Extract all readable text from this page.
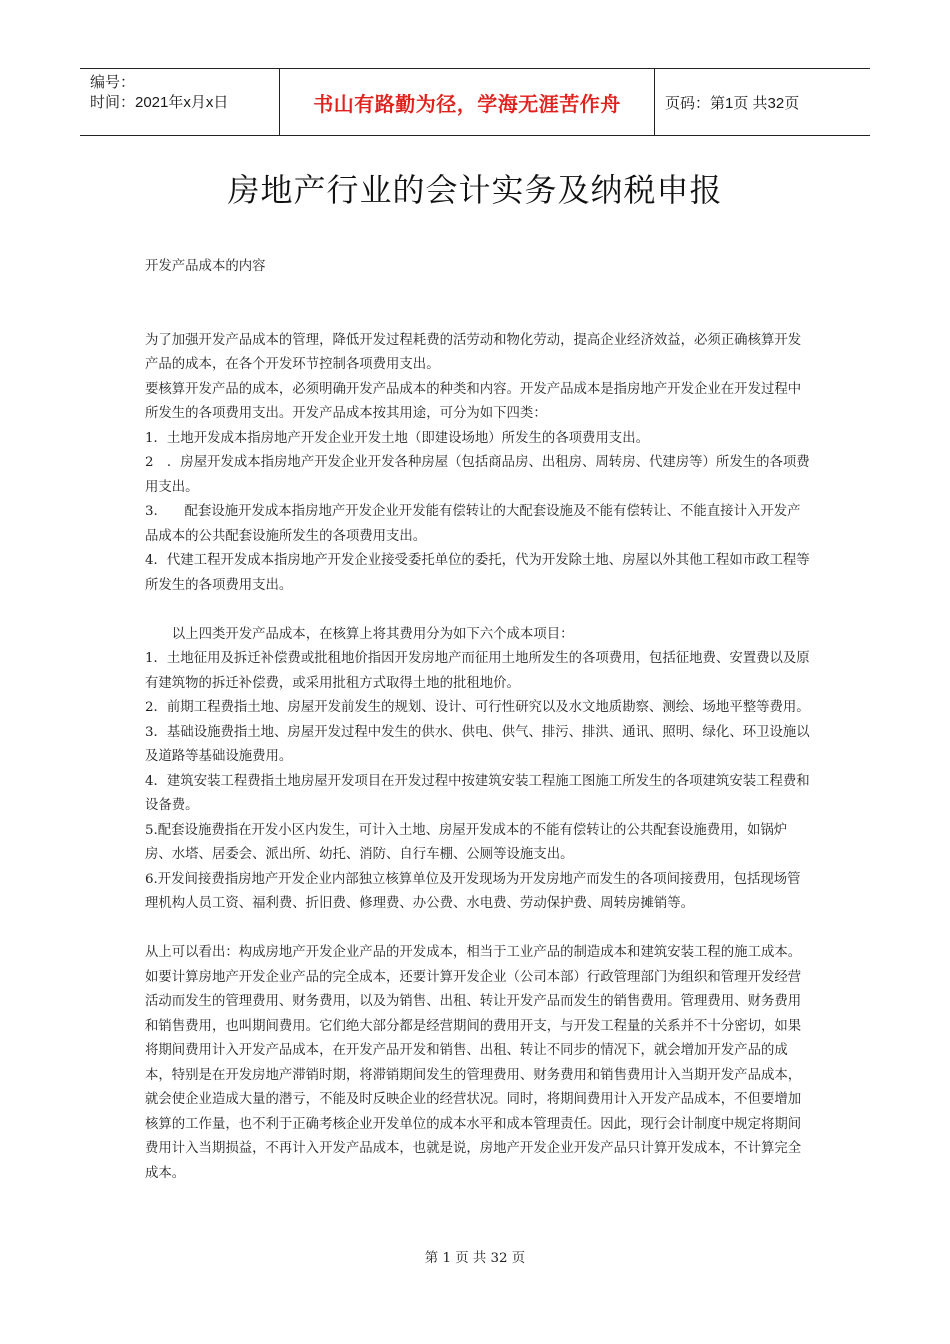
编号：
时间：2021年x月x日	书山有路勤为径，学海无涯苦作舟	页码：第1页 共32页
房地产行业的会计实务及纳税申报

开发产品成本的内容

为了加强开发产品成本的管理，降低开发过程耗费的活劳动和物化劳动，提高企业经济效益，必须正确核算开发产品的成本，在各个开发环节控制各项费用支出。

要核算开发产品的成本，必须明确开发产品成本的种类和内容。开发产品成本是指房地产开发企业在开发过程中所发生的各项费用支出。开发产品成本按其用途，可分为如下四类：

1．土地开发成本指房地产开发企业开发土地（即建设场地）所发生的各项费用支出。

2　．房屋开发成本指房地产开发企业开发各种房屋（包括商品房、出租房、周转房、代建房等）所发生的各项费用支出。

3.　　配套设施开发成本指房地产开发企业开发能有偿转让的大配套设施及不能有偿转让、不能直接计入开发产品成本的公共配套设施所发生的各项费用支出。

4．代建工程开发成本指房地产开发企业接受委托单位的委托，代为开发除土地、房屋以外其他工程如市政工程等所发生的各项费用支出。

以上四类开发产品成本，在核算上将其费用分为如下六个成本项目：

1．土地征用及拆迁补偿费或批租地价指因开发房地产而征用土地所发生的各项费用，包括征地费、安置费以及原有建筑物的拆迁补偿费，或采用批租方式取得土地的批租地价。

2．前期工程费指土地、房屋开发前发生的规划、设计、可行性研究以及水文地质勘察、测绘、场地平整等费用。

3．基础设施费指土地、房屋开发过程中发生的供水、供电、供气、排污、排洪、通讯、照明、绿化、环卫设施以及道路等基础设施费用。

4．建筑安装工程费指土地房屋开发项目在开发过程中按建筑安装工程施工图施工所发生的各项建筑安装工程费和设备费。

5.配套设施费指在开发小区内发生，可计入土地、房屋开发成本的不能有偿转让的公共配套设施费用，如锅炉房、水塔、居委会、派出所、幼托、消防、自行车棚、公厕等设施支出。

6.开发间接费指房地产开发企业内部独立核算单位及开发现场为开发房地产而发生的各项间接费用，包括现场管理机构人员工资、福利费、折旧费、修理费、办公费、水电费、劳动保护费、周转房摊销等。

从上可以看出：构成房地产开发企业产品的开发成本，相当于工业产品的制造成本和建筑安装工程的施工成本。如要计算房地产开发企业产品的完全成本，还要计算开发企业（公司本部）行政管理部门为组织和管理开发经营活动而发生的管理费用、财务费用，以及为销售、出租、转让开发产品而发生的销售费用。管理费用、财务费用和销售费用，也叫期间费用。它们绝大部分都是经营期间的费用开支，与开发工程量的关系并不十分密切，如果将期间费用计入开发产品成本，在开发产品开发和销售、出租、转让不同步的情况下，就会增加开发产品的成本，特别是在开发房地产滞销时期，将滞销期间发生的管理费用、财务费用和销售费用计入当期开发产品成本，就会使企业造成大量的潜亏，不能及时反映企业的经营状况。同时，将期间费用计入开发产品成本，不但要增加核算的工作量，也不利于正确考核企业开发单位的成本水平和成本管理责任。因此，现行会计制度中规定将期间费用计入当期损益，不再计入开发产品成本，也就是说，房地产开发企业开发产品只计算开发成本，不计算完全成本。

第 1 页 共 32 页
